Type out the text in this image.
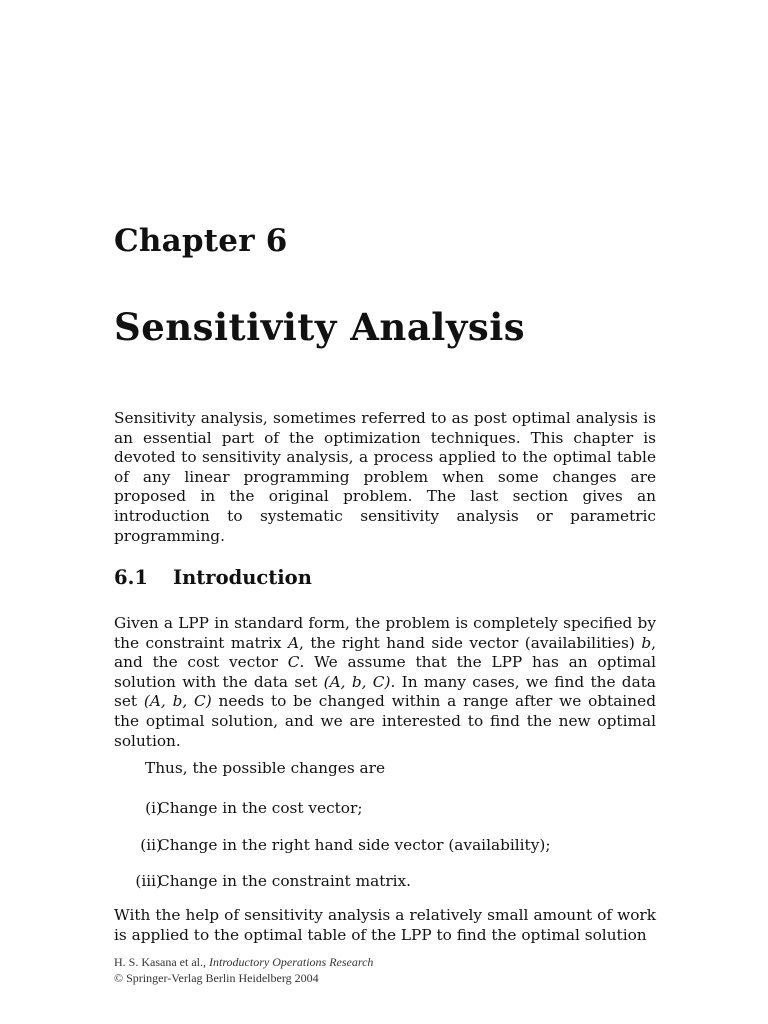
Chapter 6
Sensitivity Analysis

Sensitivity analysis, sometimes referred to as post optimal analysis is an essential part of the optimization techniques. This chapter is devoted to sensitivity analysis, a process applied to the optimal table of any linear programming problem when some changes are proposed in the original problem. The last section gives an introduction to systematic sensitivity analysis or parametric programming.

6.1 Introduction

Given a LPP in standard form, the problem is completely specified by the constraint matrix A, the right hand side vector (availabilities) b, and the cost vector C. We assume that the LPP has an optimal solution with the data set (A, b, C). In many cases, we find the data set (A, b, C) needs to be changed within a range after we obtained the optimal solution, and we are interested to find the new optimal solution.

Thus, the possible changes are
(i)
Change in the cost vector;
(ii)
Change in the right hand side vector (availability);
(iii)
Change in the constraint matrix.

With the help of sensitivity analysis a relatively small amount of work is applied to the optimal table of the LPP to find the optimal solution

H. S. Kasana et al., Introductory Operations Research
© Springer-Verlag Berlin Heidelberg 2004
